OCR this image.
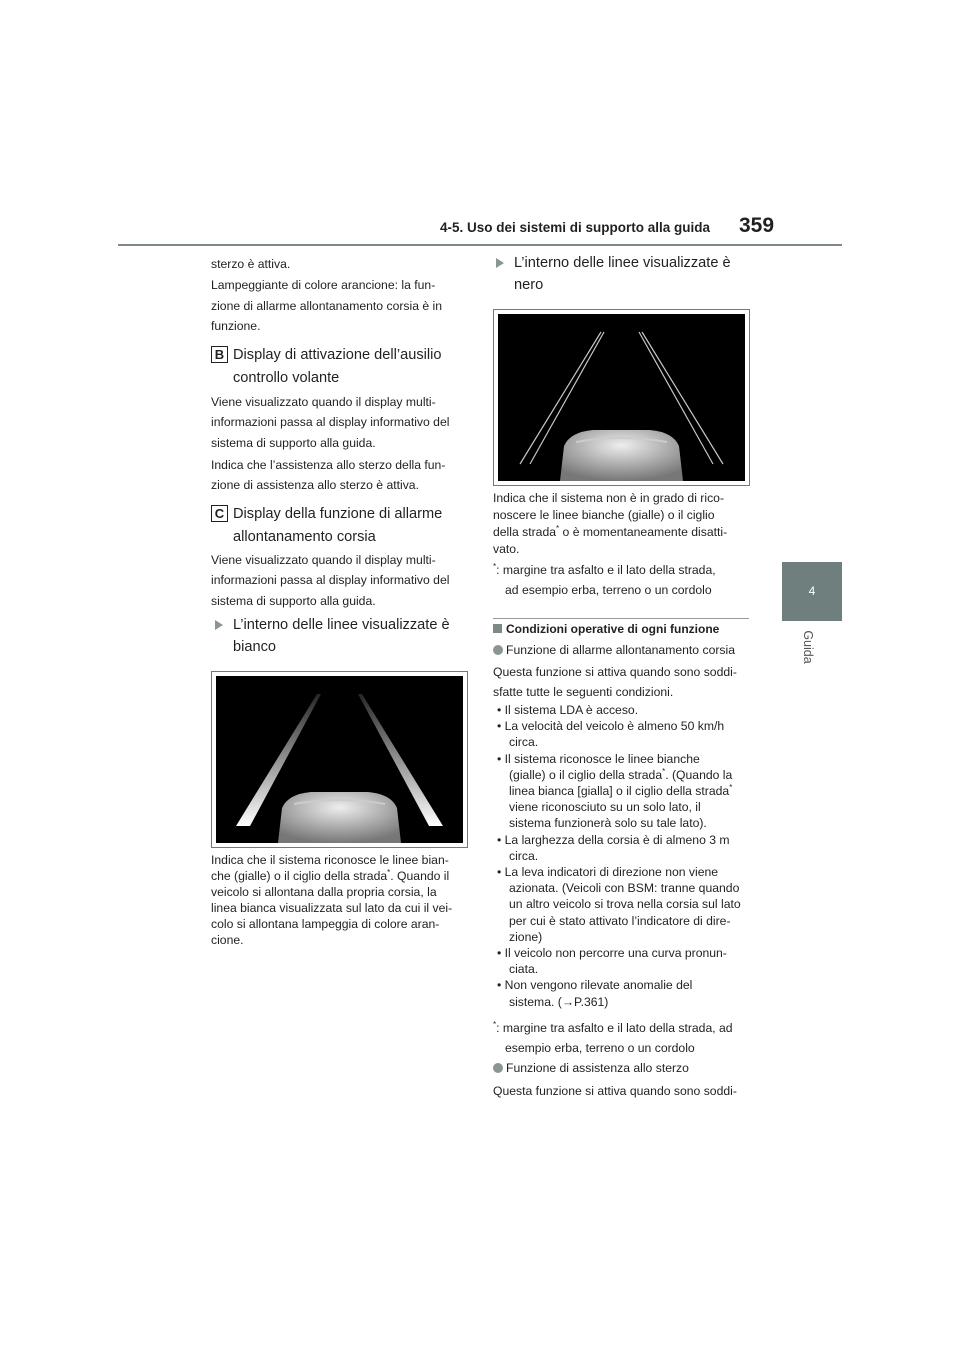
4-5. Uso dei sistemi di supporto alla guida 359
4
Guida
sterzo è attiva.
Lampeggiante di colore arancione: la fun-
zione di allarme allontanamento corsia è in
funzione.
B Display di attivazione dell’ausilio
controllo volante
Viene visualizzato quando il display multi-
informazioni passa al display informativo del
sistema di supporto alla guida.
Indica che l’assistenza allo sterzo della fun-
zione di assistenza allo sterzo è attiva.
C Display della funzione di allarme
allontanamento corsia
Viene visualizzato quando il display multi-
informazioni passa al display informativo del
sistema di supporto alla guida.
L’interno delle linee visualizzate è
bianco
Indica che il sistema riconosce le linee bian-
che (gialle) o il ciglio della strada*. Quando il
veicolo si allontana dalla propria corsia, la
linea bianca visualizzata sul lato da cui il vei-
colo si allontana lampeggia di colore aran-
cione.
L’interno delle linee visualizzate è
nero
Indica che il sistema non è in grado di rico-
noscere le linee bianche (gialle) o il ciglio
della strada* o è momentaneamente disatti-
vato.
*: margine tra asfalto e il lato della strada,
ad esempio erba, terreno o un cordolo
Condizioni operative di ogni funzione
Funzione di allarme allontanamento corsia
Questa funzione si attiva quando sono soddi-
sfatte tutte le seguenti condizioni.
• Il sistema LDA è acceso.
• La velocità del veicolo è almeno 50 km/h
circa.
• Il sistema riconosce le linee bianche
(gialle) o il ciglio della strada*. (Quando la
linea bianca [gialla] o il ciglio della strada*
viene riconosciuto su un solo lato, il
sistema funzionerà solo su tale lato).
• La larghezza della corsia è di almeno 3 m
circa.
• La leva indicatori di direzione non viene
azionata. (Veicoli con BSM: tranne quando
un altro veicolo si trova nella corsia sul lato
per cui è stato attivato l’indicatore di dire-
zione)
• Il veicolo non percorre una curva pronun-
ciata.
• Non vengono rilevate anomalie del
sistema. (→P.361)
*: margine tra asfalto e il lato della strada, ad
esempio erba, terreno o un cordolo
Funzione di assistenza allo sterzo
Questa funzione si attiva quando sono soddi-
